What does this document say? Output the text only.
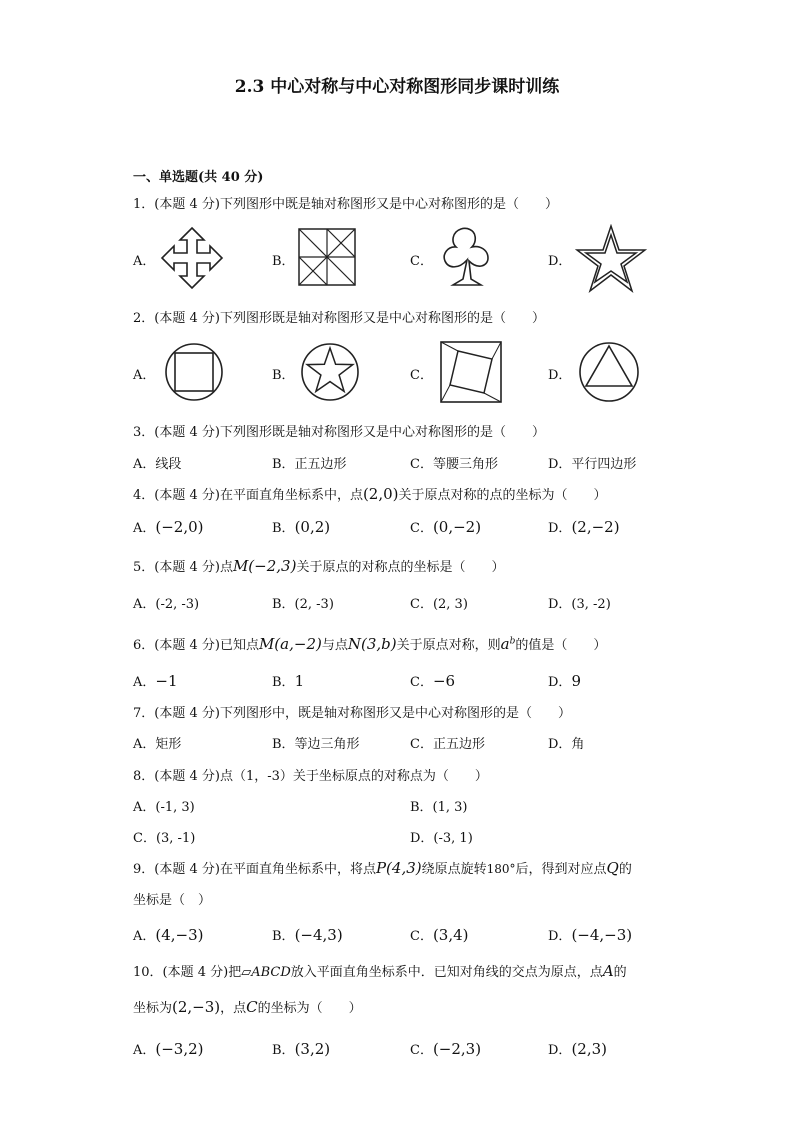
2.3 中心对称与中心对称图形同步课时训练
一、单选题(共 40 分)
1．(本题 4 分)下列图形中既是轴对称图形又是中心对称图形的是（　　）
A．	B．	C．	D．
2．(本题 4 分)下列图形既是轴对称图形又是中心对称图形的是（　　）
A．	B．	C．	D．
3．(本题 4 分)下列图形既是轴对称图形又是中心对称图形的是（　　）
A．线段	B．正五边形	C．等腰三角形	D．平行四边形
4．(本题 4 分)在平面直角坐标系中，点(2,0)关于原点对称的点的坐标为（　　）
A．(−2,0)	B．(0,2)	C．(0,−2)	D．(2,−2)
5．(本题 4 分)点M(−2,3)关于原点的对称点的坐标是（　　）
A．(-2, -3)	B．(2, -3)	C．(2, 3)	D．(3, -2)
6．(本题 4 分)已知点M(a,−2)与点N(3,b)关于原点对称，则$a^b$的值是（　　）
A．−1	B．1	C．−6	D．9
7．(本题 4 分)下列图形中，既是轴对称图形又是中心对称图形的是（　　）
A．矩形	B．等边三角形	C．正五边形	D．角
8．(本题 4 分)点（1，-3）关于坐标原点的对称点为（　　）
A．(-1, 3)	B．(1, 3)
C．(3, -1)	D．(-3, 1)
9．(本题 4 分)在平面直角坐标系中，将点P(4,3)绕原点旋转180°后，得到对应点Q的
坐标是（　）
A．(4,−3)	B．(−4,3)	C．(3,4)	D．(−4,−3)
10．(本题 4 分)把▱ABCD放入平面直角坐标系中．已知对角线的交点为原点，点A的
坐标为(2,−3)，点C的坐标为（　　）
A．(−3,2)	B．(3,2)	C．(−2,3)	D．(2,3)
